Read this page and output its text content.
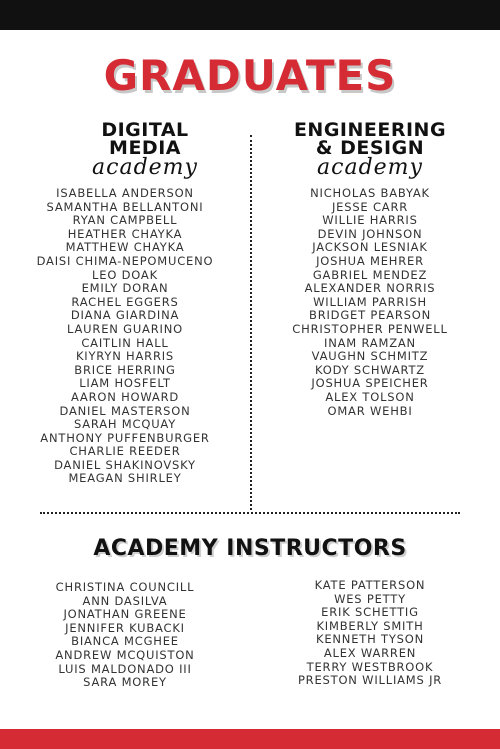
GRADUATES
DIGITAL
MEDIA
academy
ENGINEERING
& DESIGN
academy
ISABELLA ANDERSON
SAMANTHA BELLANTONI
RYAN CAMPBELL
HEATHER CHAYKA
MATTHEW CHAYKA
DAISI CHIMA-NEPOMUCENO
LEO DOAK
EMILY DORAN
RACHEL EGGERS
DIANA GIARDINA
LAUREN GUARINO
CAITLIN HALL
KIYRYN HARRIS
BRICE HERRING
LIAM HOSFELT
AARON HOWARD
DANIEL MASTERSON
SARAH MCQUAY
ANTHONY PUFFENBURGER
CHARLIE REEDER
DANIEL SHAKINOVSKY
MEAGAN SHIRLEY
NICHOLAS BABYAK
JESSE CARR
WILLIE HARRIS
DEVIN JOHNSON
JACKSON LESNIAK
JOSHUA MEHRER
GABRIEL MENDEZ
ALEXANDER NORRIS
WILLIAM PARRISH
BRIDGET PEARSON
CHRISTOPHER PENWELL
INAM RAMZAN
VAUGHN SCHMITZ
KODY SCHWARTZ
JOSHUA SPEICHER
ALEX TOLSON
OMAR WEHBI
ACADEMY INSTRUCTORS
CHRISTINA COUNCILL
ANN DASILVA
JONATHAN GREENE
JENNIFER KUBACKI
BIANCA MCGHEE
ANDREW MCQUISTON
LUIS MALDONADO III
SARA MOREY
KATE PATTERSON
WES PETTY
ERIK SCHETTIG
KIMBERLY SMITH
KENNETH TYSON
ALEX WARREN
TERRY WESTBROOK
PRESTON WILLIAMS JR
